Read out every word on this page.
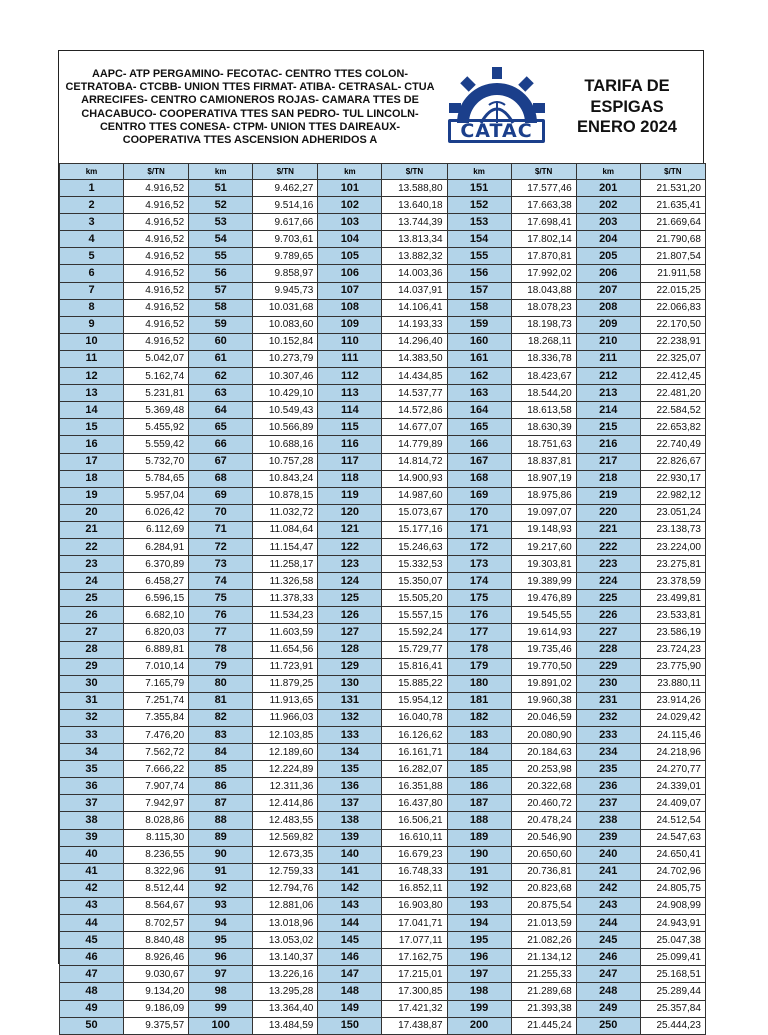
AAPC- ATP PERGAMINO- FECOTAC- CENTRO TTES COLON- CETRATOBA- CTCBB- UNION TTES FIRMAT- ATIBA- CETRASAL- CTUA ARRECIFES- CENTRO CAMIONEROS ROJAS- CAMARA TTES DE CHACABUCO- COOPERATIVA TTES SAN PEDRO- TUL LINCOLN- CENTRO TTES CONESA- CTPM- UNION TTES DAIREAUX- COOPERATIVA TTES ASCENSION ADHERIDOS A	CATAC
TARIFA DE
ESPIGAS
ENERO 2024
km	$/TN	km	$/TN	km	$/TN	km	$/TN	km	$/TN
1	4.916,52	51	9.462,27	101	13.588,80	151	17.577,46	201	21.531,20
2	4.916,52	52	9.514,16	102	13.640,18	152	17.663,38	202	21.635,41
3	4.916,52	53	9.617,66	103	13.744,39	153	17.698,41	203	21.669,64
4	4.916,52	54	9.703,61	104	13.813,34	154	17.802,14	204	21.790,68
5	4.916,52	55	9.789,65	105	13.882,32	155	17.870,81	205	21.807,54
6	4.916,52	56	9.858,97	106	14.003,36	156	17.992,02	206	21.911,58
7	4.916,52	57	9.945,73	107	14.037,91	157	18.043,88	207	22.015,25
8	4.916,52	58	10.031,68	108	14.106,41	158	18.078,23	208	22.066,83
9	4.916,52	59	10.083,60	109	14.193,33	159	18.198,73	209	22.170,50
10	4.916,52	60	10.152,84	110	14.296,40	160	18.268,11	210	22.238,91
11	5.042,07	61	10.273,79	111	14.383,50	161	18.336,78	211	22.325,07
12	5.162,74	62	10.307,46	112	14.434,85	162	18.423,67	212	22.412,45
13	5.231,81	63	10.429,10	113	14.537,77	163	18.544,20	213	22.481,20
14	5.369,48	64	10.549,43	114	14.572,86	164	18.613,58	214	22.584,52
15	5.455,92	65	10.566,89	115	14.677,07	165	18.630,39	215	22.653,82
16	5.559,42	66	10.688,16	116	14.779,89	166	18.751,63	216	22.740,49
17	5.732,70	67	10.757,28	117	14.814,72	167	18.837,81	217	22.826,67
18	5.784,65	68	10.843,24	118	14.900,93	168	18.907,19	218	22.930,17
19	5.957,04	69	10.878,15	119	14.987,60	169	18.975,86	219	22.982,12
20	6.026,42	70	11.032,72	120	15.073,67	170	19.097,07	220	23.051,24
21	6.112,69	71	11.084,64	121	15.177,16	171	19.148,93	221	23.138,73
22	6.284,91	72	11.154,47	122	15.246,63	172	19.217,60	222	23.224,00
23	6.370,89	73	11.258,17	123	15.332,53	173	19.303,81	223	23.275,81
24	6.458,27	74	11.326,58	124	15.350,07	174	19.389,99	224	23.378,59
25	6.596,15	75	11.378,33	125	15.505,20	175	19.476,89	225	23.499,81
26	6.682,10	76	11.534,23	126	15.557,15	176	19.545,55	226	23.533,81
27	6.820,03	77	11.603,59	127	15.592,24	177	19.614,93	227	23.586,19
28	6.889,81	78	11.654,56	128	15.729,77	178	19.735,46	228	23.724,23
29	7.010,14	79	11.723,91	129	15.816,41	179	19.770,50	229	23.775,90
30	7.165,79	80	11.879,25	130	15.885,22	180	19.891,02	230	23.880,11
31	7.251,74	81	11.913,65	131	15.954,12	181	19.960,38	231	23.914,26
32	7.355,84	82	11.966,03	132	16.040,78	182	20.046,59	232	24.029,42
33	7.476,20	83	12.103,85	133	16.126,62	183	20.080,90	233	24.115,46
34	7.562,72	84	12.189,60	134	16.161,71	184	20.184,63	234	24.218,96
35	7.666,22	85	12.224,89	135	16.282,07	185	20.253,98	235	24.270,77
36	7.907,74	86	12.311,36	136	16.351,88	186	20.322,68	236	24.339,01
37	7.942,97	87	12.414,86	137	16.437,80	187	20.460,72	237	24.409,07
38	8.028,86	88	12.483,55	138	16.506,21	188	20.478,24	238	24.512,54
39	8.115,30	89	12.569,82	139	16.610,11	189	20.546,90	239	24.547,63
40	8.236,55	90	12.673,35	140	16.679,23	190	20.650,60	240	24.650,41
41	8.322,96	91	12.759,33	141	16.748,33	191	20.736,81	241	24.702,96
42	8.512,44	92	12.794,76	142	16.852,11	192	20.823,68	242	24.805,75
43	8.564,67	93	12.881,06	143	16.903,80	193	20.875,54	243	24.908,99
44	8.702,57	94	13.018,96	144	17.041,71	194	21.013,59	244	24.943,91
45	8.840,48	95	13.053,02	145	17.077,11	195	21.082,26	245	25.047,38
46	8.926,46	96	13.140,37	146	17.162,75	196	21.134,12	246	25.099,41
47	9.030,67	97	13.226,16	147	17.215,01	197	21.255,33	247	25.168,51
48	9.134,20	98	13.295,28	148	17.300,85	198	21.289,68	248	25.289,44
49	9.186,09	99	13.364,40	149	17.421,32	199	21.393,38	249	25.357,84
50	9.375,57	100	13.484,59	150	17.438,87	200	21.445,24	250	25.444,23
